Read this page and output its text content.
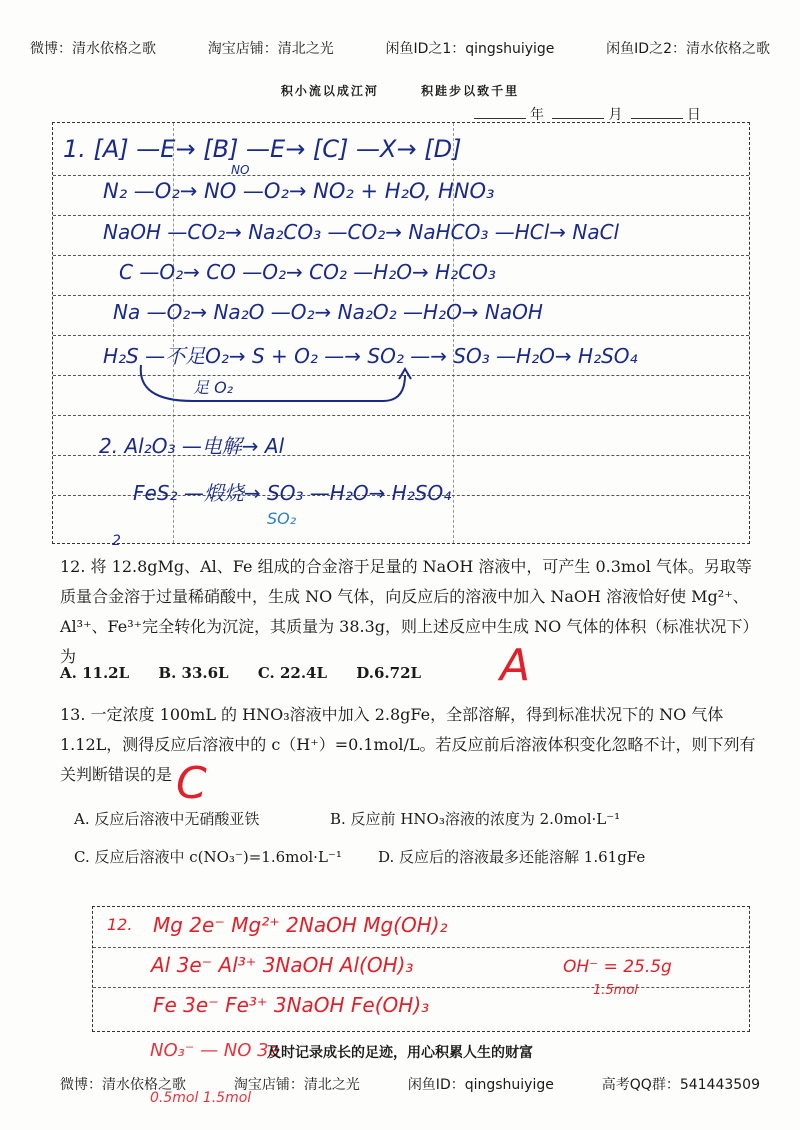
微博：清水依格之歌	淘宝店铺：清北之光	闲鱼ID之1：qingshuiyige	闲鱼ID之2：清水依格之歌
积小流以成江河	积跬步以致千里
年	月	日
1. [A] —E→ [B] —E→ [C] —X→ [D]
NO
N₂ —O₂→ NO —O₂→ NO₂ + H₂O, HNO₃
NaOH —CO₂→ Na₂CO₃ —CO₂→ NaHCO₃ —HCl→ NaCl
C —O₂→ CO —O₂→ CO₂ —H₂O→ H₂CO₃
Na —O₂→ Na₂O —O₂→ Na₂O₂ —H₂O→ NaOH
H₂S —不足O₂→ S + O₂ —→ SO₂ —→ SO₃ —H₂O→ H₂SO₄
足 O₂
2. Al₂O₃ —电解→ Al
FeS₂ —煅烧→ SO₃ —H₂O→ H₂SO₄
SO₂
2
12. 将 12.8gMg、Al、Fe 组成的合金溶于足量的 NaOH 溶液中，可产生 0.3mol 气体。另取等质量合金溶于过量稀硝酸中，生成 NO 气体，向反应后的溶液中加入 NaOH 溶液恰好使 Mg²⁺、Al³⁺、Fe³⁺完全转化为沉淀，其质量为 38.3g，则上述反应中生成 NO 气体的体积（标准状况下）为
A. 11.2L B. 33.6L C. 22.4L D.6.72L	A
13. 一定浓度 100mL 的 HNO₃溶液中加入 2.8gFe，全部溶解，得到标准状况下的 NO 气体 1.12L，测得反应后溶液中的 c（H⁺）=0.1mol/L。若反应前后溶液体积变化忽略不计，则下列有关判断错误的是 C
A. 反应后溶液中无硝酸亚铁	B. 反应前 HNO₃溶液的浓度为 2.0mol·L⁻¹
C. 反应后溶液中 c(NO₃⁻)=1.6mol·L⁻¹ D. 反应后的溶液最多还能溶解 1.61gFe
12. Mg 2e⁻ Mg²⁺ 2NaOH Mg(OH)₂
Al 3e⁻ Al³⁺ 3NaOH Al(OH)₃	OH⁻ = 25.5g
1.5mol
Fe 3e⁻ Fe³⁺ 3NaOH Fe(OH)₃
NO₃⁻ — NO 3e
0.5mol 1.5mol
及时记录成长的足迹，用心积累人生的财富
微博：清水依格之歌	淘宝店铺：清北之光	闲鱼ID：qingshuiyige	高考QQ群：541443509
